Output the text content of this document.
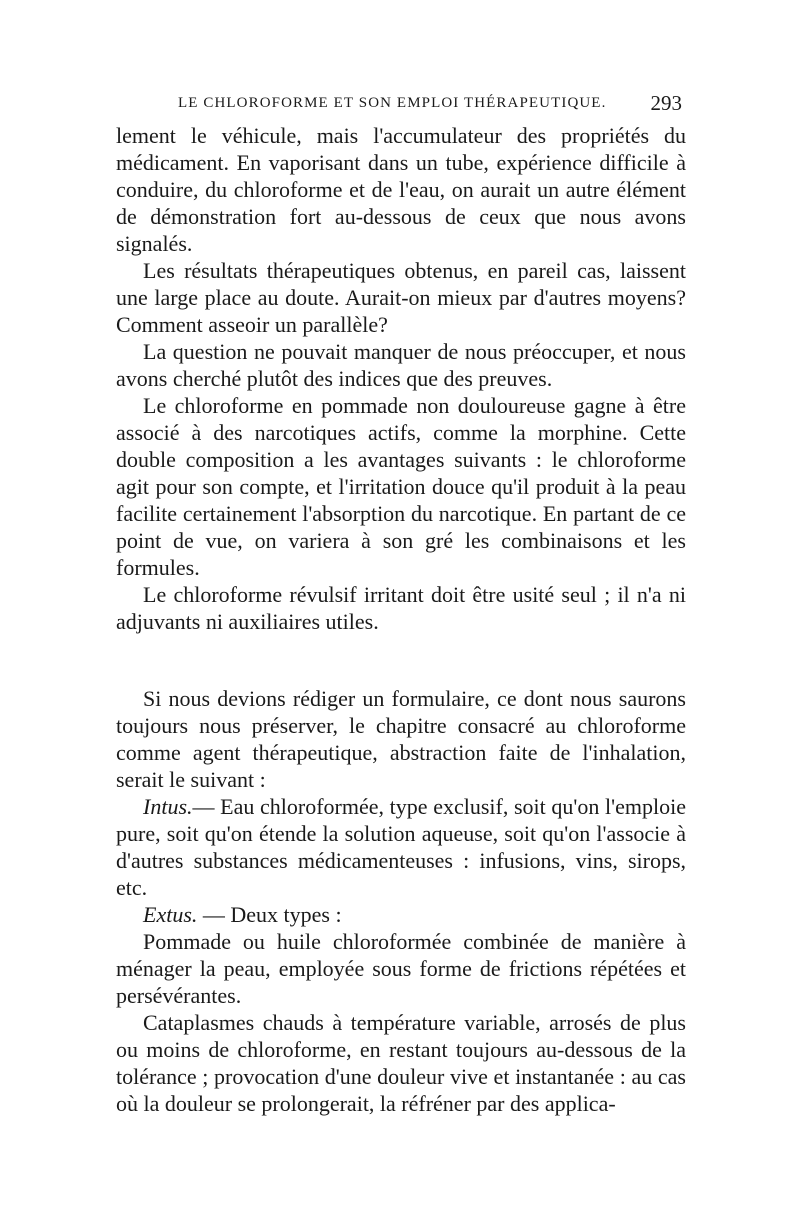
LE CHLOROFORME ET SON EMPLOI THÉRAPEUTIQUE. 293

lement le véhicule, mais l'accumulateur des propriétés du médicament. En vaporisant dans un tube, expérience difficile à conduire, du chloroforme et de l'eau, on aurait un autre élément de démonstration fort au-dessous de ceux que nous avons signalés.

Les résultats thérapeutiques obtenus, en pareil cas, laissent une large place au doute. Aurait-on mieux par d'autres moyens? Comment asseoir un parallèle?

La question ne pouvait manquer de nous préoccuper, et nous avons cherché plutôt des indices que des preuves.

Le chloroforme en pommade non douloureuse gagne à être associé à des narcotiques actifs, comme la morphine. Cette double composition a les avantages suivants : le chloroforme agit pour son compte, et l'irritation douce qu'il produit à la peau facilite certainement l'absorption du narcotique. En partant de ce point de vue, on variera à son gré les combinaisons et les formules.

Le chloroforme révulsif irritant doit être usité seul ; il n'a ni adjuvants ni auxiliaires utiles.

Si nous devions rédiger un formulaire, ce dont nous saurons toujours nous préserver, le chapitre consacré au chloroforme comme agent thérapeutique, abstraction faite de l'inhalation, serait le suivant :

Intus.— Eau chloroformée, type exclusif, soit qu'on l'emploie pure, soit qu'on étende la solution aqueuse, soit qu'on l'associe à d'autres substances médicamenteuses : infusions, vins, sirops, etc.

Extus. — Deux types :

Pommade ou huile chloroformée combinée de manière à ménager la peau, employée sous forme de frictions répétées et persévérantes.

Cataplasmes chauds à température variable, arrosés de plus ou moins de chloroforme, en restant toujours au-dessous de la tolérance ; provocation d'une douleur vive et instantanée : au cas où la douleur se prolongerait, la réfréner par des applica-
